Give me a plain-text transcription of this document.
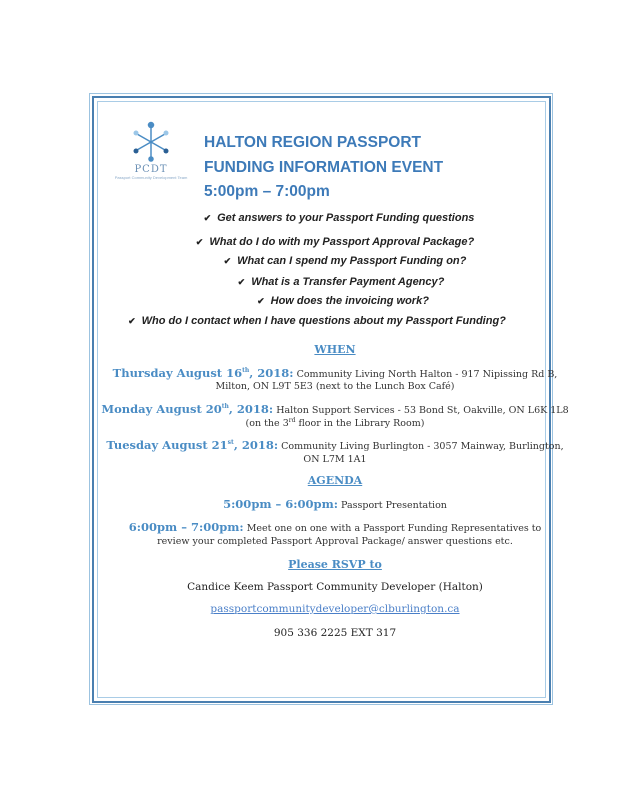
PCDT
Passport Community Development Team
HALTON REGION PASSPORT
FUNDING INFORMATION EVENT
5:00pm – 7:00pm
✔ Get answers to your Passport Funding questions
✔ What do I do with my Passport Approval Package?
✔ What can I spend my Passport Funding on?
✔ What is a Transfer Payment Agency?
✔ How does the invoicing work?
✔ Who do I contact when I have questions about my Passport Funding?
WHEN
Thursday August 16th, 2018: Community Living North Halton - 917 Nipissing Rd B,
Milton, ON L9T 5E3 (next to the Lunch Box Café)
Monday August 20th, 2018: Halton Support Services - 53 Bond St, Oakville, ON L6K 1L8
(on the 3rd floor in the Library Room)
Tuesday August 21st, 2018: Community Living Burlington - 3057 Mainway, Burlington,
ON L7M 1A1
AGENDA
5:00pm – 6:00pm: Passport Presentation
6:00pm – 7:00pm: Meet one on one with a Passport Funding Representatives to
review your completed Passport Approval Package/ answer questions etc.
Please RSVP to
Candice Keem Passport Community Developer (Halton)
passportcommunitydeveloper@clburlington.ca
905 336 2225 EXT 317
